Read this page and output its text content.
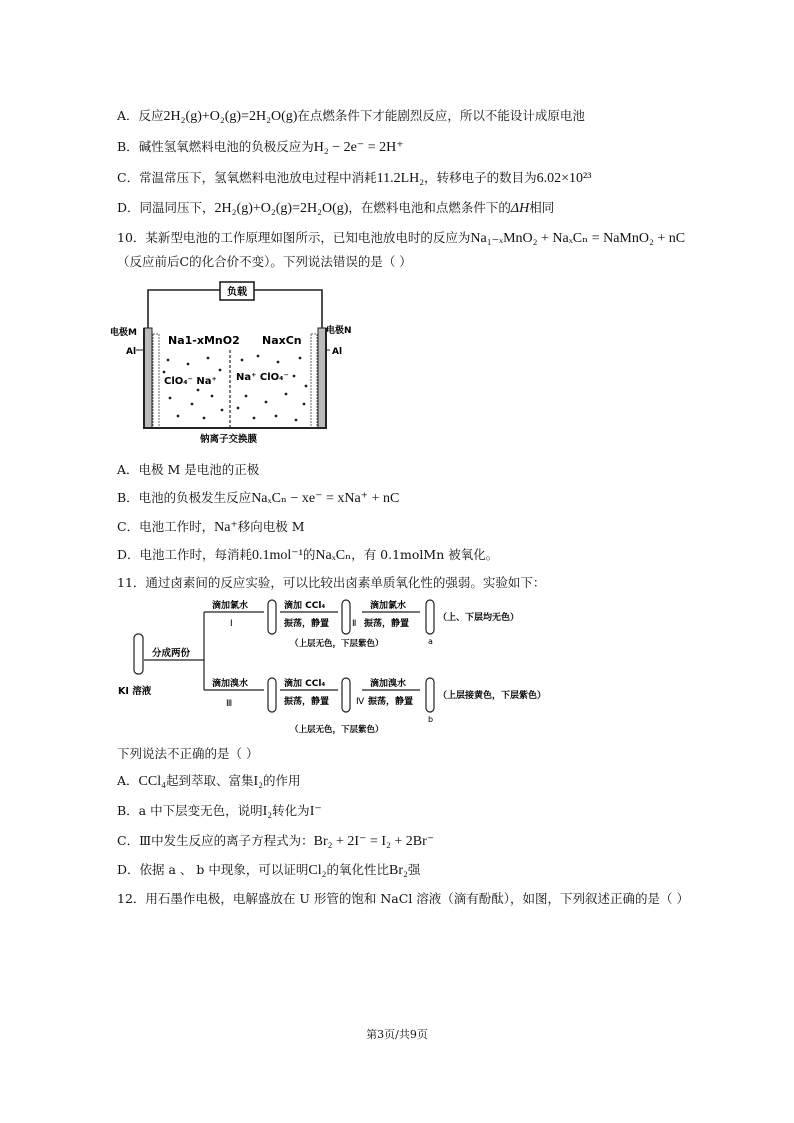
A．反应2H₂(g)+O₂(g)=2H₂O(g)在点燃条件下才能剧烈反应，所以不能设计成原电池
B．碱性氢氧燃料电池的负极反应为H₂ − 2e⁻ = 2H⁺
C．常温常压下，氢氧燃料电池放电过程中消耗11.2LH₂，转移电子的数目为6.02×10²³
D．同温同压下，2H₂(g)+O₂(g)=2H₂O(g)，在燃料电池和点燃条件下的ΔH相同
10．某新型电池的工作原理如图所示，已知电池放电时的反应为Na₁₋ₓMnO₂ + NaₓCₙ = NaMnO₂ + nC
（反应前后C的化合价不变）。下列说法错误的是（ ）
负载
电极M	电极N
Al	Al
Na1-xMnO2 NaxCn
ClO₄⁻ Na⁺ Na⁺ ClO₄⁻
钠离子交换膜
A．电极 M 是电池的正极
B．电池的负极发生反应NaₓCₙ − xe⁻ = xNa⁺ + nC
C．电池工作时，Na⁺移向电极 M
D．电池工作时，每消耗0.1mol⁻¹的NaₓCₙ，有 0.1molMn 被氧化。
11．通过卤素间的反应实验，可以比较出卤素单质氧化性的强弱。实验如下：
KI 溶液
分成两份
滴加氯水
Ⅰ
滴加 CCl₄
振荡，静置	Ⅱ
滴加氯水
振荡，静置
a
（上、下层均无色）
（上层无色，下层紫色）
滴加溴水
Ⅲ
滴加 CCl₄
振荡，静置	Ⅳ
滴加溴水
振荡，静置
b
（上层接黄色，下层紫色）
（上层无色，下层紫色）
下列说法不正确的是（ ）
A．CCl₄起到萃取、富集I₂的作用
B．a 中下层变无色，说明I₂转化为I⁻
C．Ⅲ中发生反应的离子方程式为：Br₂ + 2I⁻ = I₂ + 2Br⁻
D．依据 a 、 b 中现象，可以证明Cl₂的氧化性比Br₂强
12．用石墨作电极，电解盛放在 U 形管的饱和 NaCl 溶液（滴有酚酞），如图，下列叙述正确的是（ ）
第3页/共9页
